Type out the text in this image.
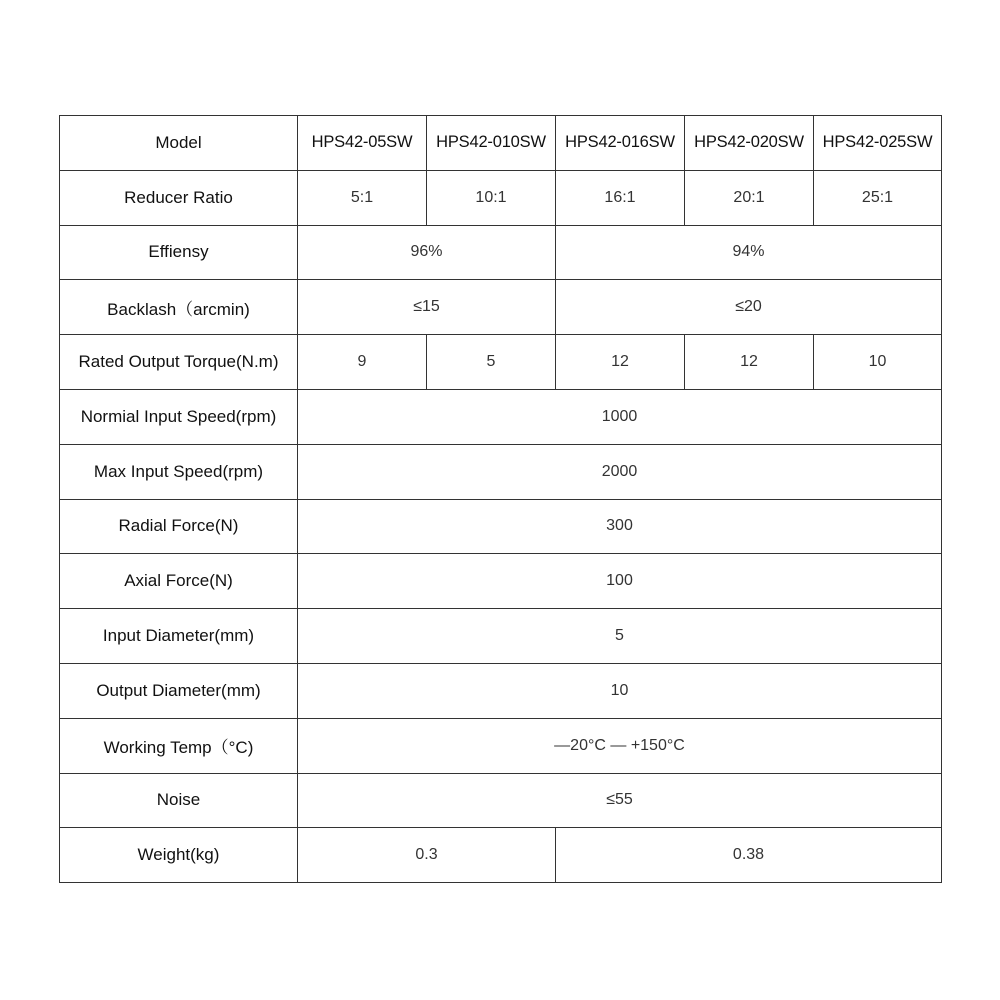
Model	HPS42-05SW	HPS42-010SW	HPS42-016SW	HPS42-020SW	HPS42-025SW
Reducer Ratio	5:1	10:1	16:1	20:1	25:1
Effiensy	96%		94%		
Backlash（arcmin)	≤15		≤20		
Rated Output Torque(N.m)	9	5	12	12	10
Normial Input Speed(rpm)	1000				
Max Input Speed(rpm)	2000				
Radial Force(N)	300				
Axial Force(N)	100				
Input Diameter(mm)	5				
Output Diameter(mm)	10				
Working Temp（°C)	—20°C — +150°C				
Noise	≤55				
Weight(kg)	0.3		0.38		
